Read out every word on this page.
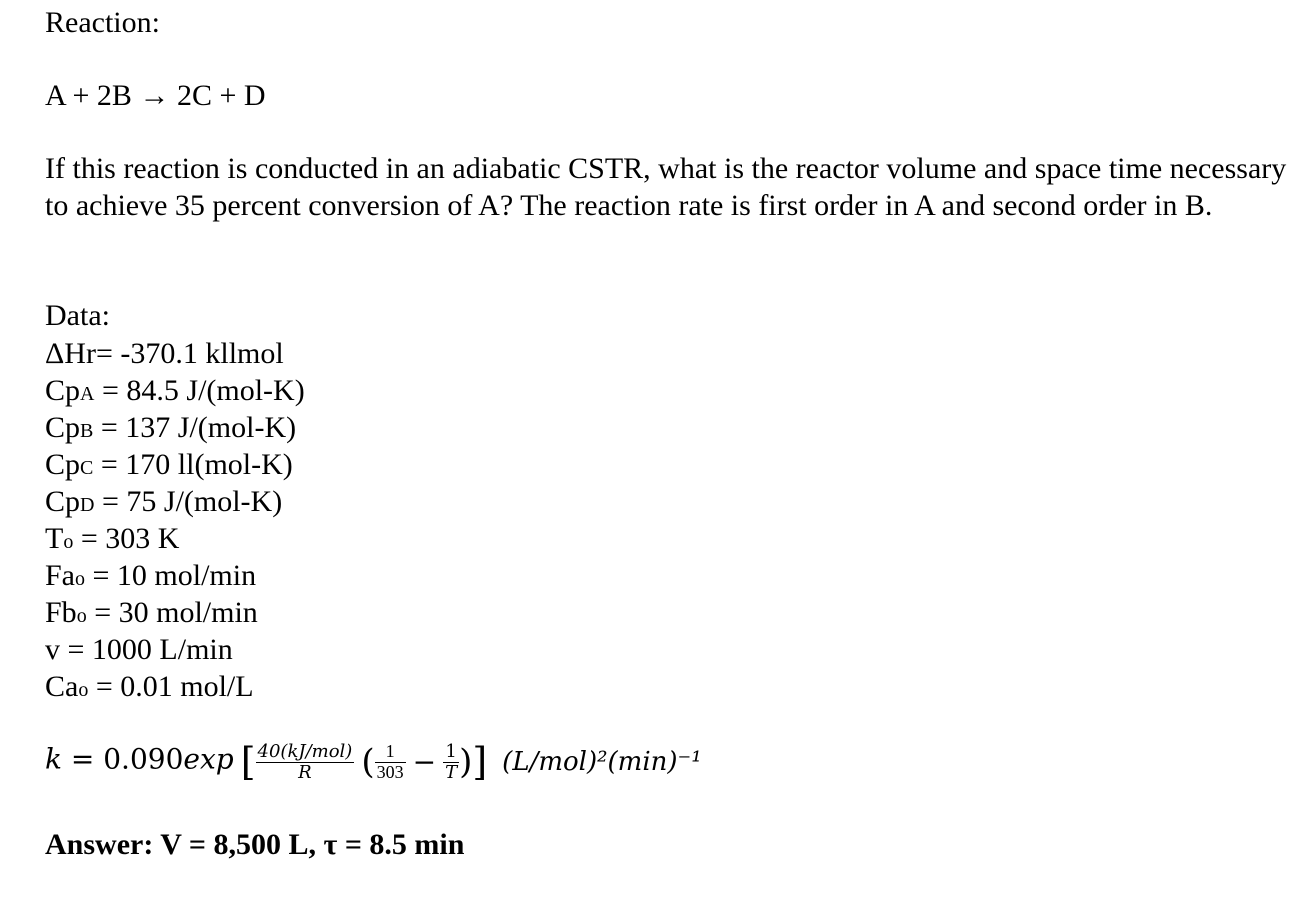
Reaction:
A + 2B → 2C + D
If this reaction is conducted in an adiabatic CSTR, what is the reactor volume and space time necessary to achieve 35 percent conversion of A? The reaction rate is first order in A and second order in B.
Data:
ΔHr= -370.1 kllmol
CpA = 84.5 J/(mol-K)
CpB = 137 J/(mol-K)
CpC = 170 ll(mol-K)
CpD = 75 J/(mol-K)
To = 303 K
Fao = 10 mol/min
Fbo = 30 mol/min
v = 1000 L/min
Cao = 0.01 mol/L
k = 0.090exp [ $\frac{\text{40(kJ/mol)}}{R}$ ( $\frac{1}{303} - \frac{1}{T}$ )] (L/mol)²(min)⁻¹
Answer: V = 8,500 L, τ = 8.5 min
